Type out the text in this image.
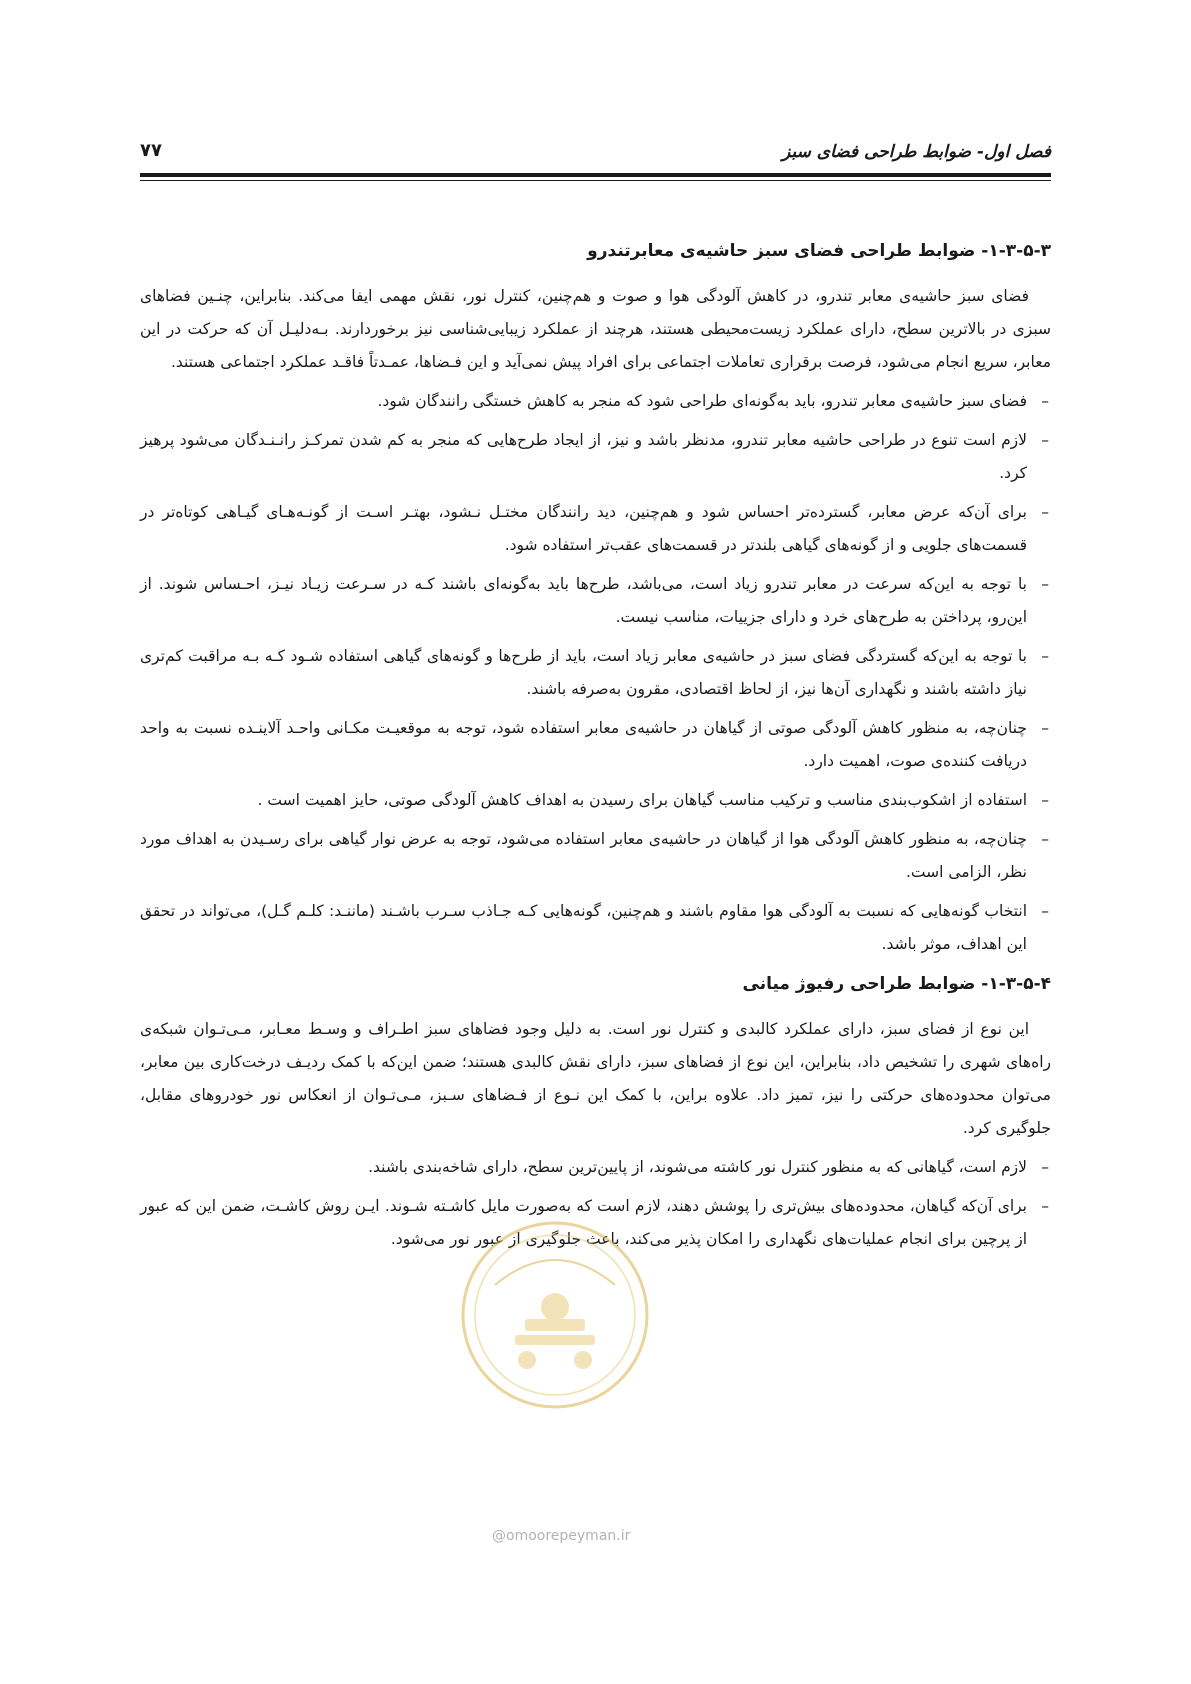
فصل اول- ضوابط طراحی فضای سبز
۷۷
۱-۳-۵-۳- ضوابط طراحی فضای سبز حاشیه‌ی معابرتندرو

فضای سبز حاشیه‌ی معابر تندرو، در کاهش آلودگی هوا و صوت و هم‌چنین، کنترل نور، نقش مهمی ایفا می‌کند. بنابراین، چنـین فضاهای سبزی در بالاترین سطح، دارای عملکرد زیست‌محیطی هستند، هرچند از عملکرد زیبایی‌شناسی نیز برخوردارند. بـه‌دلیـل آن که حرکت در این معابر، سریع انجام می‌شود، فرصت برقراری تعاملات اجتماعی برای افراد پیش نمی‌آید و این فـضاها، عمـدتاً فاقـد عملکرد اجتماعی هستند.

–
فضای سبز حاشیه‌ی معابر تندرو، باید به‌گونه‌ای طراحی شود که منجر به کاهش خستگی رانندگان شود.
–
لازم است تنوع در طراحی حاشیه معابر تندرو، مدنظر باشد و نیز، از ایجاد طرح‌هایی که منجر به کم شدن تمرکـز رانـنـدگان می‌شود پرهیز کرد.
–
برای آن‌که عرض معابر، گسترده‌تر احساس شود و هم‌چنین، دید رانندگان مختـل نـشود، بهتـر اسـت از گونـه‌هـای گیـاهی کوتاه‌تر در قسمت‌های جلویی و از گونه‌های گیاهی بلندتر در قسمت‌های عقب‌تر استفاده شود.
–
با توجه به این‌که سرعت در معابر تندرو زیاد است، می‌باشد، طرح‌ها باید به‌گونه‌ای باشند کـه در سـرعت زیـاد نیـز، احـساس شوند. از این‌رو، پرداختن به طرح‌های خرد و دارای جزییات، مناسب نیست.
–
با توجه به این‌که گستردگی فضای سبز در حاشیه‌ی معابر زیاد است، باید از طرح‌ها و گونه‌های گیاهی استفاده شـود کـه بـه مراقبت کم‌تری نیاز داشته باشند و نگهداری آن‌ها نیز، از لحاظ اقتصادی، مقرون به‌صرفه باشند.
–
چنان‌چه، به منظور کاهش آلودگی صوتی از گیاهان در حاشیه‌ی معابر استفاده شود، توجه به موقعیـت مکـانی واحـد آلاینـده نسبت به واحد دریافت کننده‌ی صوت، اهمیت دارد.
–
استفاده از اشکوب‌بندی مناسب و ترکیب مناسب گیاهان برای رسیدن به اهداف کاهش آلودگی صوتی، حایز اهمیت است .
–
چنان‌چه، به منظور کاهش آلودگی هوا از گیاهان در حاشیه‌ی معابر استفاده می‌شود، توجه به عرض نوار گیاهی برای رسـیدن به اهداف مورد نظر، الزامی است.
–
انتخاب گونه‌هایی که نسبت به آلودگی هوا مقاوم باشند و هم‌چنین، گونه‌هایی کـه جـاذب سـرب باشـند (ماننـد: کلـم گـل)، می‌تواند در تحقق این اهداف، موثر باشد.
۱-۳-۵-۴- ضوابط طراحی رفیوژ میانی

این نوع از فضای سبز، دارای عملکرد کالبدی و کنترل نور است. به دلیل وجود فضاهای سبز اطـراف و وسـط معـابر، مـی‌تـوان شبکه‌ی راه‌های شهری را تشخیص داد، بنابراین، این نوع از فضاهای سبز، دارای نقش کالبدی هستند؛ ضمن این‌که با کمک ردیـف درخت‌کاری بین معابر، می‌توان محدوده‌های حرکتی را نیز، تمیز داد. علاوه براین، با کمک این نـوع از فـضاهای سـبز، مـی‌تـوان از انعکاس نور خودروهای مقابل، جلوگیری کرد.

–
لازم است، گیاهانی که به منظور کنترل نور کاشته می‌شوند، از پایین‌ترین سطح، دارای شاخه‌بندی باشند.
–
برای آن‌که گیاهان، محدوده‌های بیش‌تری را پوشش دهند، لازم است که به‌صورت مایل کاشـته شـوند. ایـن روش کاشـت، ضمن این که عبور از پرچین برای انجام عملیات‌های نگهداری را امکان پذیر می‌کند، باعث جلوگیری از عبور نور می‌شود.
@omoorepeyman.ir
